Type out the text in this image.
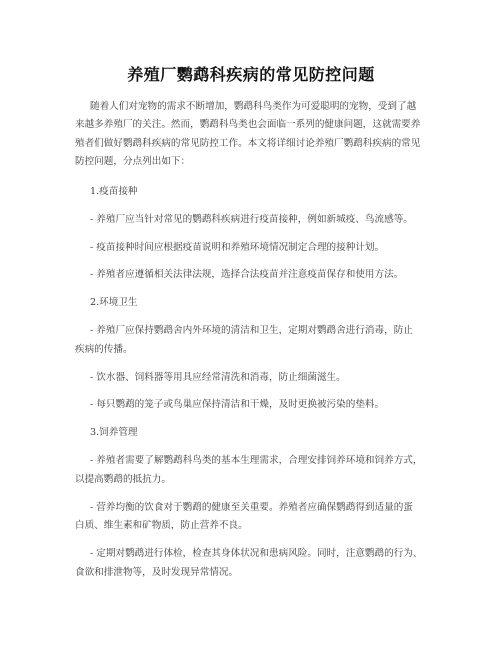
养殖厂鹦鹉科疾病的常见防控问题

随着人们对宠物的需求不断增加，鹦鹉科鸟类作为可爱聪明的宠物，受到了越

来越多养殖厂的关注。然而，鹦鹉科鸟类也会面临一系列的健康问题，这就需要养

殖者们做好鹦鹉科疾病的常见防控工作。本文将详细讨论养殖厂鹦鹉科疾病的常见

防控问题，分点列出如下：

1.疫苗接种

- 养殖厂应当针对常见的鹦鹉科疾病进行疫苗接种，例如新城疫、鸟流感等。

- 疫苗接种时间应根据疫苗说明和养殖环境情况制定合理的接种计划。

- 养殖者应遵循相关法律法规，选择合法疫苗并注意疫苗保存和使用方法。

2.环境卫生

- 养殖厂应保持鹦鹉舍内外环境的清洁和卫生，定期对鹦鹉舍进行消毒，防止

疾病的传播。

- 饮水器、饲料器等用具应经常清洗和消毒，防止细菌滋生。

- 每只鹦鹉的笼子或鸟巢应保持清洁和干燥，及时更换被污染的垫料。

3.饲养管理

- 养殖者需要了解鹦鹉科鸟类的基本生理需求，合理安排饲养环境和饲养方式，

以提高鹦鹉的抵抗力。

- 营养均衡的饮食对于鹦鹉的健康至关重要。养殖者应确保鹦鹉得到适量的蛋

白质、维生素和矿物质，防止营养不良。

- 定期对鹦鹉进行体检，检查其身体状况和患病风险。同时，注意鹦鹉的行为、

食欲和排泄物等，及时发现异常情况。
